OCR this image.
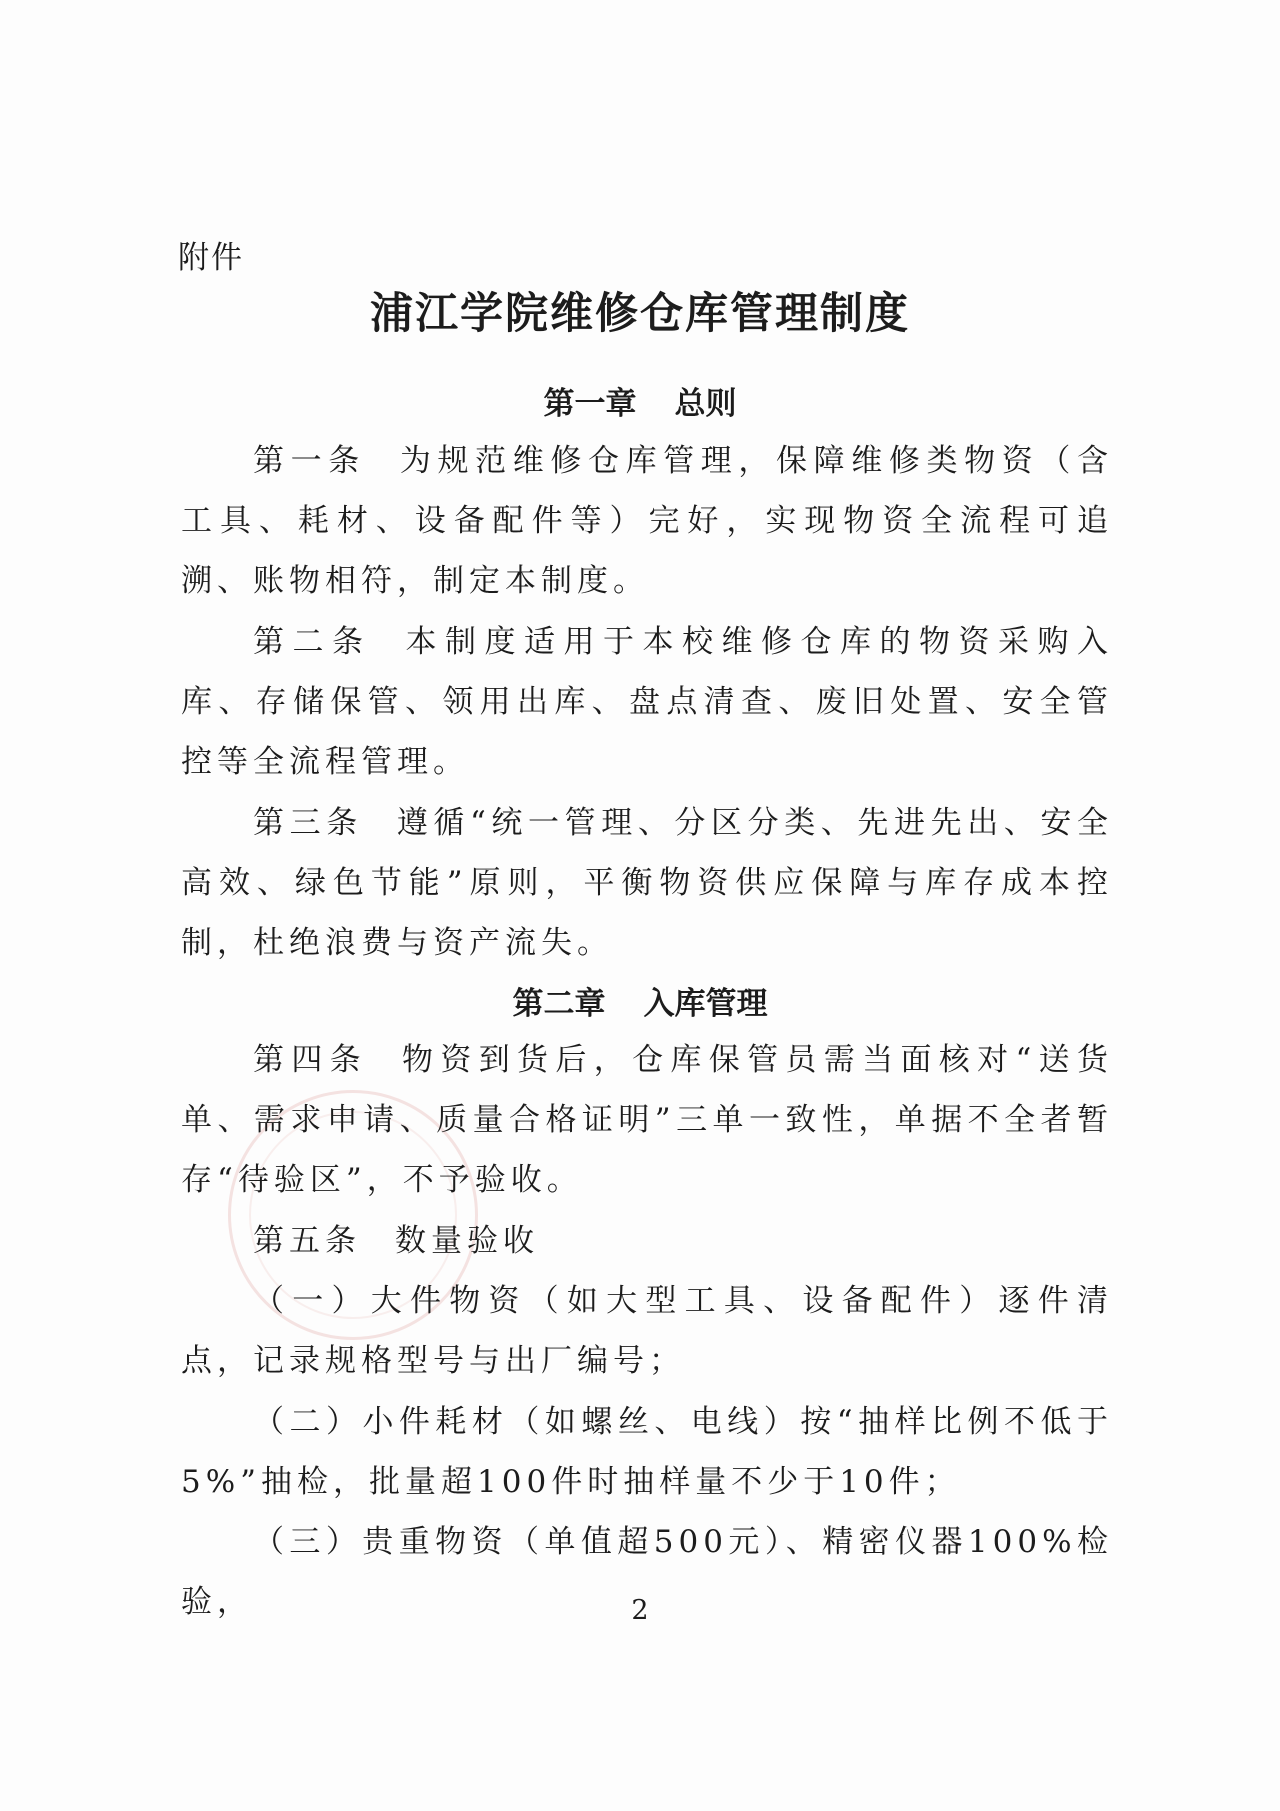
附件

浦江学院维修仓库管理制度
第一章 总则

第一条 为规范维修仓库管理，保障维修类物资（含工具、耗材、设备配件等）完好，实现物资全流程可追溯、账物相符，制定本制度。

第二条 本制度适用于本校维修仓库的物资采购入库、存储保管、领用出库、盘点清查、废旧处置、安全管控等全流程管理。

第三条 遵循“统一管理、分区分类、先进先出、安全高效、绿色节能”原则，平衡物资供应保障与库存成本控制，杜绝浪费与资产流失。

第二章 入库管理

第四条 物资到货后，仓库保管员需当面核对“送货单、需求申请、质量合格证明”三单一致性，单据不全者暂存“待验区”，不予验收。

第五条 数量验收

（一）大件物资（如大型工具、设备配件）逐件清点，记录规格型号与出厂编号；

（二）小件耗材（如螺丝、电线）按“抽样比例不低于5%”抽检，批量超100件时抽样量不少于10件；

（三）贵重物资（单值超500元）、精密仪器100%检验，	2
